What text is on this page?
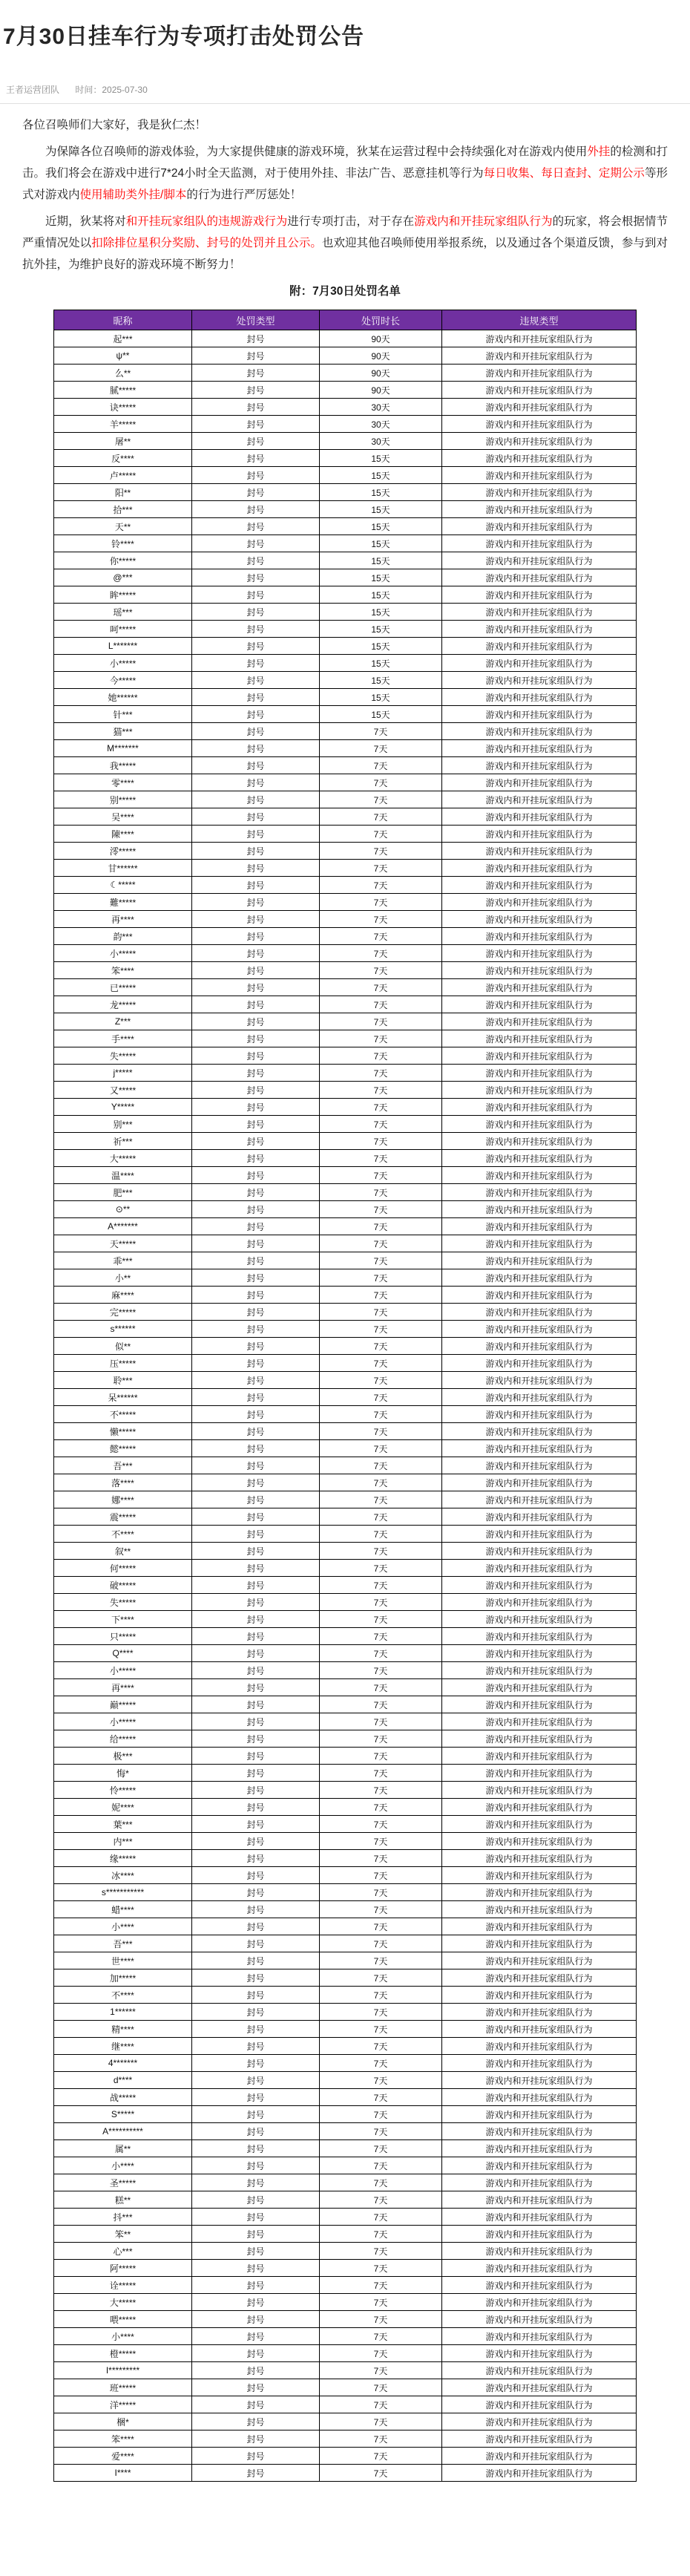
7月30日挂车行为专项打击处罚公告
王者运营团队 时间：2025-07-30
各位召唤师们大家好，我是狄仁杰！
为保障各位召唤师的游戏体验，为大家提供健康的游戏环境，狄某在运营过程中会持续强化对在游戏内使用外挂的检测和打击。我们将会在游戏中进行7*24小时全天监测，对于使用外挂、非法广告、恶意挂机等行为每日收集、每日查封、定期公示等形式对游戏内使用辅助类外挂/脚本的行为进行严厉惩处！
近期，狄某将对和开挂玩家组队的违规游戏行为进行专项打击，对于存在游戏内和开挂玩家组队行为的玩家，将会根据情节严重情况处以扣除排位星积分奖励、封号的处罚并且公示。也欢迎其他召唤师使用举报系统，以及通过各个渠道反馈，参与到对抗外挂，为维护良好的游戏环境不断努力！
附：7月30日处罚名单
昵称	处罚类型	处罚时长	违规类型
起***	封号	90天	游戏内和开挂玩家组队行为
ψ**	封号	90天	游戏内和开挂玩家组队行为
么**	封号	90天	游戏内和开挂玩家组队行为
腻*****	封号	90天	游戏内和开挂玩家组队行为
诀*****	封号	30天	游戏内和开挂玩家组队行为
羊*****	封号	30天	游戏内和开挂玩家组队行为
屠**	封号	30天	游戏内和开挂玩家组队行为
反****	封号	15天	游戏内和开挂玩家组队行为
卢*****	封号	15天	游戏内和开挂玩家组队行为
阳**	封号	15天	游戏内和开挂玩家组队行为
拾***	封号	15天	游戏内和开挂玩家组队行为
天**	封号	15天	游戏内和开挂玩家组队行为
铃****	封号	15天	游戏内和开挂玩家组队行为
你*****	封号	15天	游戏内和开挂玩家组队行为
@***	封号	15天	游戏内和开挂玩家组队行为
眸*****	封号	15天	游戏内和开挂玩家组队行为
瑶***	封号	15天	游戏内和开挂玩家组队行为
呵*****	封号	15天	游戏内和开挂玩家组队行为
L*******	封号	15天	游戏内和开挂玩家组队行为
小*****	封号	15天	游戏内和开挂玩家组队行为
今*****	封号	15天	游戏内和开挂玩家组队行为
她******	封号	15天	游戏内和开挂玩家组队行为
针***	封号	15天	游戏内和开挂玩家组队行为
猫***	封号	7天	游戏内和开挂玩家组队行为
M*******	封号	7天	游戏内和开挂玩家组队行为
我*****	封号	7天	游戏内和开挂玩家组队行为
零****	封号	7天	游戏内和开挂玩家组队行为
别*****	封号	7天	游戏内和开挂玩家组队行为
吴****	封号	7天	游戏内和开挂玩家组队行为
陳****	封号	7天	游戏内和开挂玩家组队行为
澪*****	封号	7天	游戏内和开挂玩家组队行为
甘******	封号	7天	游戏内和开挂玩家组队行为
☾*****	封号	7天	游戏内和开挂玩家组队行为
難*****	封号	7天	游戏内和开挂玩家组队行为
再****	封号	7天	游戏内和开挂玩家组队行为
韵***	封号	7天	游戏内和开挂玩家组队行为
小*****	封号	7天	游戏内和开挂玩家组队行为
笨****	封号	7天	游戏内和开挂玩家组队行为
已*****	封号	7天	游戏内和开挂玩家组队行为
龙*****	封号	7天	游戏内和开挂玩家组队行为
Z***	封号	7天	游戏内和开挂玩家组队行为
手****	封号	7天	游戏内和开挂玩家组队行为
失*****	封号	7天	游戏内和开挂玩家组队行为
j*****	封号	7天	游戏内和开挂玩家组队行为
又*****	封号	7天	游戏内和开挂玩家组队行为
Y*****	封号	7天	游戏内和开挂玩家组队行为
别***	封号	7天	游戏内和开挂玩家组队行为
祈***	封号	7天	游戏内和开挂玩家组队行为
大*****	封号	7天	游戏内和开挂玩家组队行为
温****	封号	7天	游戏内和开挂玩家组队行为
肥***	封号	7天	游戏内和开挂玩家组队行为
⊙**	封号	7天	游戏内和开挂玩家组队行为
A*******	封号	7天	游戏内和开挂玩家组队行为
天*****	封号	7天	游戏内和开挂玩家组队行为
乖***	封号	7天	游戏内和开挂玩家组队行为
小**	封号	7天	游戏内和开挂玩家组队行为
麻****	封号	7天	游戏内和开挂玩家组队行为
完*****	封号	7天	游戏内和开挂玩家组队行为
s******	封号	7天	游戏内和开挂玩家组队行为
似**	封号	7天	游戏内和开挂玩家组队行为
压*****	封号	7天	游戏内和开挂玩家组队行为
聆***	封号	7天	游戏内和开挂玩家组队行为
呆******	封号	7天	游戏内和开挂玩家组队行为
不*****	封号	7天	游戏内和开挂玩家组队行为
懒*****	封号	7天	游戏内和开挂玩家组队行为
懿*****	封号	7天	游戏内和开挂玩家组队行为
吾***	封号	7天	游戏内和开挂玩家组队行为
落****	封号	7天	游戏内和开挂玩家组队行为
娜****	封号	7天	游戏内和开挂玩家组队行为
震*****	封号	7天	游戏内和开挂玩家组队行为
不****	封号	7天	游戏内和开挂玩家组队行为
叙**	封号	7天	游戏内和开挂玩家组队行为
何*****	封号	7天	游戏内和开挂玩家组队行为
破*****	封号	7天	游戏内和开挂玩家组队行为
失*****	封号	7天	游戏内和开挂玩家组队行为
下****	封号	7天	游戏内和开挂玩家组队行为
只*****	封号	7天	游戏内和开挂玩家组队行为
Q****	封号	7天	游戏内和开挂玩家组队行为
小*****	封号	7天	游戏内和开挂玩家组队行为
再****	封号	7天	游戏内和开挂玩家组队行为
巅*****	封号	7天	游戏内和开挂玩家组队行为
小*****	封号	7天	游戏内和开挂玩家组队行为
给*****	封号	7天	游戏内和开挂玩家组队行为
极***	封号	7天	游戏内和开挂玩家组队行为
悔*	封号	7天	游戏内和开挂玩家组队行为
怜*****	封号	7天	游戏内和开挂玩家组队行为
妮****	封号	7天	游戏内和开挂玩家组队行为
葉***	封号	7天	游戏内和开挂玩家组队行为
内***	封号	7天	游戏内和开挂玩家组队行为
缘*****	封号	7天	游戏内和开挂玩家组队行为
冰****	封号	7天	游戏内和开挂玩家组队行为
s***********	封号	7天	游戏内和开挂玩家组队行为
蜡****	封号	7天	游戏内和开挂玩家组队行为
小****	封号	7天	游戏内和开挂玩家组队行为
吾***	封号	7天	游戏内和开挂玩家组队行为
世****	封号	7天	游戏内和开挂玩家组队行为
加*****	封号	7天	游戏内和开挂玩家组队行为
不****	封号	7天	游戏内和开挂玩家组队行为
1******	封号	7天	游戏内和开挂玩家组队行为
精****	封号	7天	游戏内和开挂玩家组队行为
继****	封号	7天	游戏内和开挂玩家组队行为
4*******	封号	7天	游戏内和开挂玩家组队行为
d****	封号	7天	游戏内和开挂玩家组队行为
战*****	封号	7天	游戏内和开挂玩家组队行为
S*****	封号	7天	游戏内和开挂玩家组队行为
A**********	封号	7天	游戏内和开挂玩家组队行为
属**	封号	7天	游戏内和开挂玩家组队行为
小****	封号	7天	游戏内和开挂玩家组队行为
圣*****	封号	7天	游戏内和开挂玩家组队行为
糕**	封号	7天	游戏内和开挂玩家组队行为
抖***	封号	7天	游戏内和开挂玩家组队行为
笨**	封号	7天	游戏内和开挂玩家组队行为
心***	封号	7天	游戏内和开挂玩家组队行为
阿*****	封号	7天	游戏内和开挂玩家组队行为
诠*****	封号	7天	游戏内和开挂玩家组队行为
大*****	封号	7天	游戏内和开挂玩家组队行为
喂*****	封号	7天	游戏内和开挂玩家组队行为
小****	封号	7天	游戏内和开挂玩家组队行为
橙*****	封号	7天	游戏内和开挂玩家组队行为
I*********	封号	7天	游戏内和开挂玩家组队行为
班*****	封号	7天	游戏内和开挂玩家组队行为
洋*****	封号	7天	游戏内和开挂玩家组队行为
梱*	封号	7天	游戏内和开挂玩家组队行为
笨****	封号	7天	游戏内和开挂玩家组队行为
爱****	封号	7天	游戏内和开挂玩家组队行为
I****	封号	7天	游戏内和开挂玩家组队行为
